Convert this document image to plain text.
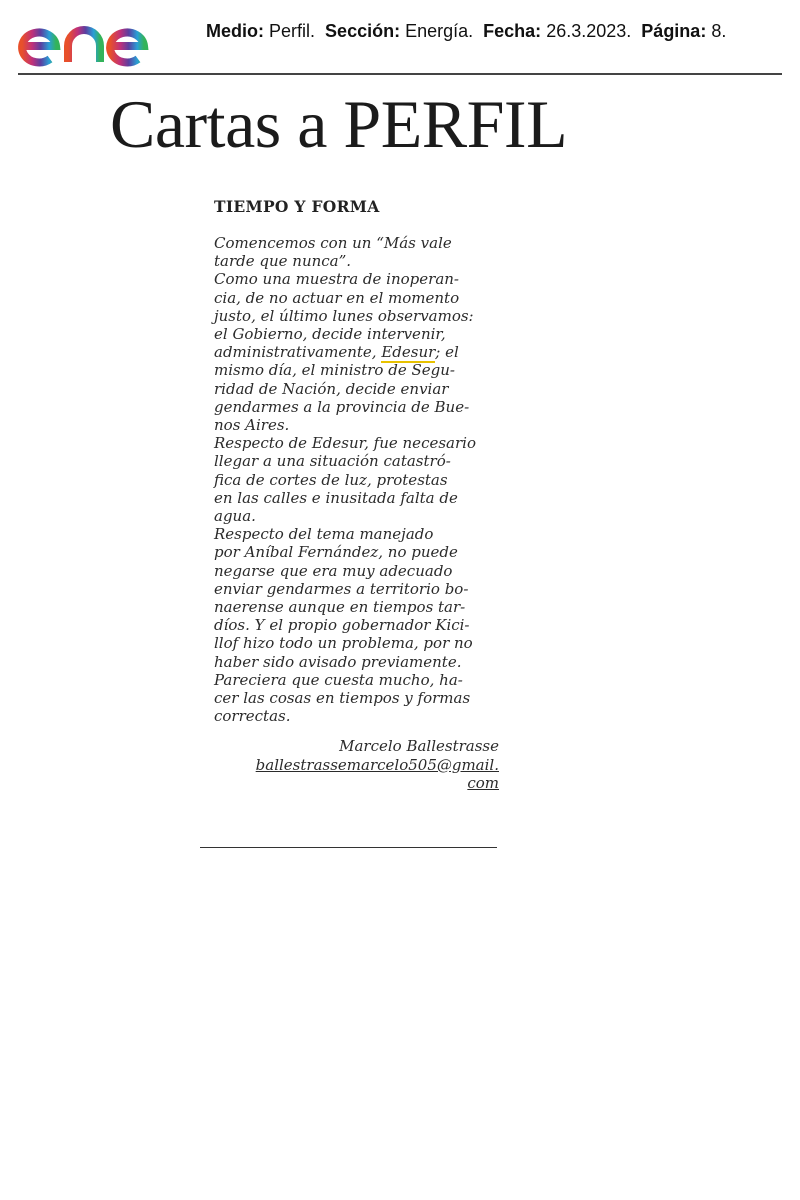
Medio: Perfil. Sección: Energía. Fecha: 26.3.2023. Página: 8.
Cartas a PERFIL
TIEMPO Y FORMA
Comencemos con un “Más vale
tarde que nunca”.
Como una muestra de inoperan-
cia, de no actuar en el momento
justo, el último lunes observamos:
el Gobierno, decide intervenir,
administrativamente, Edesur; el
mismo día, el ministro de Segu-
ridad de Nación, decide enviar
gendarmes a la provincia de Bue-
nos Aires.
Respecto de Edesur, fue necesario
llegar a una situación catastró-
fica de cortes de luz, protestas
en las calles e inusitada falta de
agua.
Respecto del tema manejado
por Aníbal Fernández, no puede
negarse que era muy adecuado
enviar gendarmes a territorio bo-
naerense aunque en tiempos tar-
díos. Y el propio gobernador Kici-
llof hizo todo un problema, por no
haber sido avisado previamente.
Pareciera que cuesta mucho, ha-
cer las cosas en tiempos y formas
correctas.
Marcelo Ballestrasse
ballestrassemarcelo505@gmail.
com
